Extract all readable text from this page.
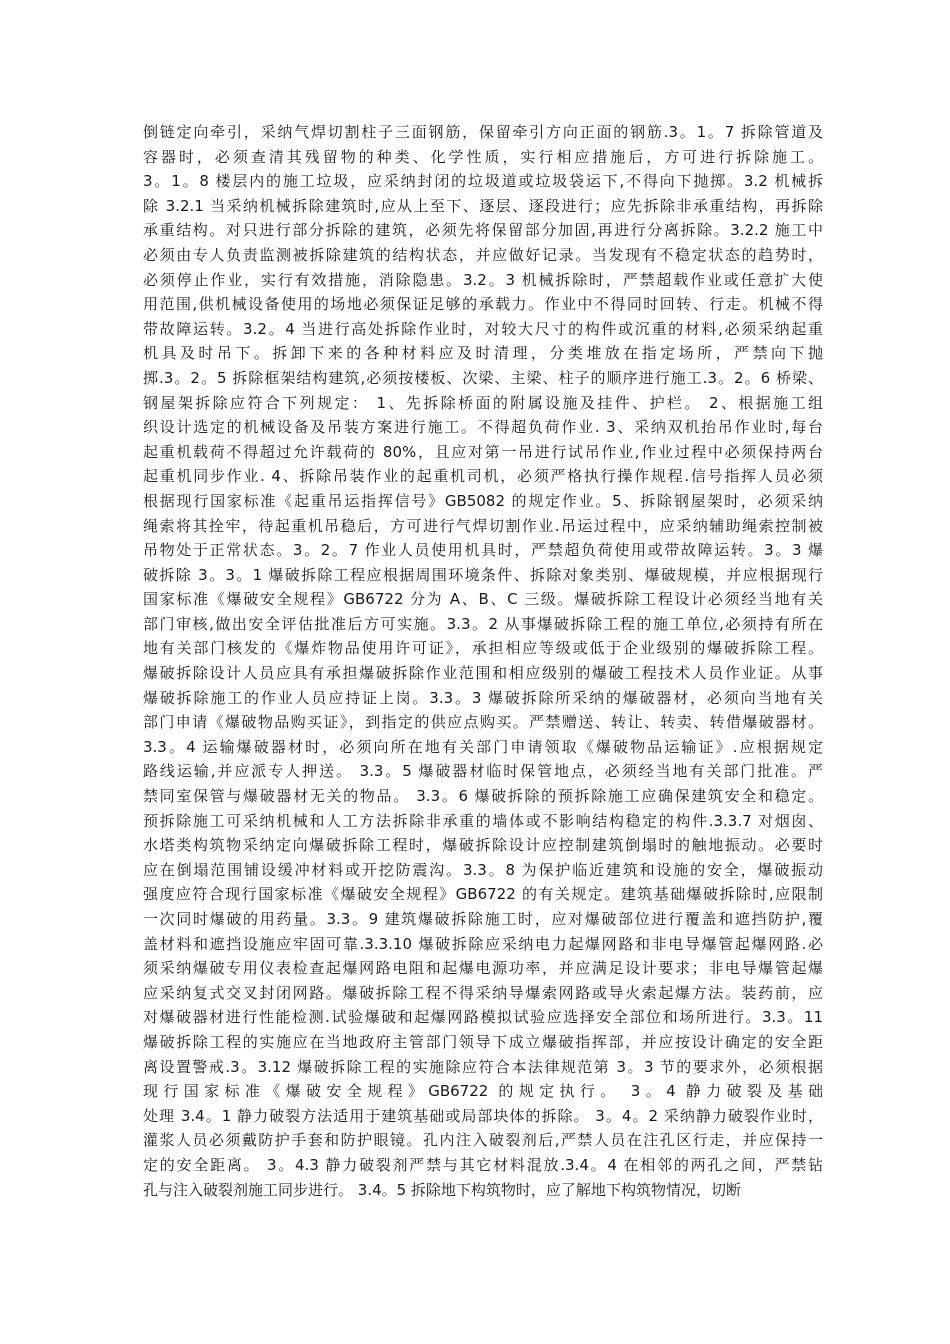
倒链定向牵引，采纳气焊切割柱子三面钢筋，保留牵引方向正面的钢筋.3。1。7 拆除管道及
容器时，必须查清其残留物的种类、化学性质，实行相应措施后，方可进行拆除施工。
3。1。8 楼层内的施工垃圾，应采纳封闭的垃圾道或垃圾袋运下,不得向下抛掷。3.2 机械拆
除 3.2.1 当采纳机械拆除建筑时,应从上至下、逐层、逐段进行；应先拆除非承重结构，再拆除
承重结构。对只进行部分拆除的建筑，必须先将保留部分加固,再进行分离拆除。3.2.2 施工中
必须由专人负责监测被拆除建筑的结构状态，并应做好记录。当发现有不稳定状态的趋势时，
必须停止作业，实行有效措施，消除隐患。3.2。3 机械拆除时，严禁超载作业或任意扩大使
用范围,供机械设备使用的场地必须保证足够的承载力。作业中不得同时回转、行走。机械不得
带故障运转。3.2。4 当进行高处拆除作业时，对较大尺寸的构件或沉重的材料,必须采纳起重
机具及时吊下。拆卸下来的各种材料应及时清理，分类堆放在指定场所，严禁向下抛
掷.3。2。5 拆除框架结构建筑,必须按楼板、次梁、主梁、柱子的顺序进行施工.3。2。6 桥梁、
钢屋架拆除应符合下列规定： 1、先拆除桥面的附属设施及挂件、护栏。 2、根据施工组
织设计选定的机械设备及吊装方案进行施工。不得超负荷作业. 3、采纳双机抬吊作业时,每台
起重机载荷不得超过允许载荷的 80%，且应对第一吊进行试吊作业,作业过程中必须保持两台
起重机同步作业. 4、拆除吊装作业的起重机司机，必须严格执行操作规程.信号指挥人员必须
根据现行国家标准《起重吊运指挥信号》GB5082 的规定作业。5、拆除钢屋架时，必须采纳
绳索将其拴牢，待起重机吊稳后，方可进行气焊切割作业.吊运过程中，应采纳辅助绳索控制被
吊物处于正常状态。3。2。7 作业人员使用机具时，严禁超负荷使用或带故障运转。3。3 爆
破拆除 3。3。1 爆破拆除工程应根据周围环境条件、拆除对象类别、爆破规模，并应根据现行
国家标准《爆破安全规程》GB6722 分为 A、B、C 三级。爆破拆除工程设计必须经当地有关
部门审核,做出安全评估批准后方可实施。3.3。2 从事爆破拆除工程的施工单位,必须持有所在
地有关部门核发的《爆炸物品使用许可证》，承担相应等级或低于企业级别的爆破拆除工程。
爆破拆除设计人员应具有承担爆破拆除作业范围和相应级别的爆破工程技术人员作业证。从事
爆破拆除施工的作业人员应持证上岗。3.3。3 爆破拆除所采纳的爆破器材，必须向当地有关
部门申请《爆破物品购买证》，到指定的供应点购买。严禁赠送、转让、转卖、转借爆破器材。
3.3。4 运输爆破器材时，必须向所在地有关部门申请领取《爆破物品运输证》.应根据规定
路线运输,并应派专人押送。 3.3。5 爆破器材临时保管地点，必须经当地有关部门批准。严
禁同室保管与爆破器材无关的物品。 3.3。6 爆破拆除的预拆除施工应确保建筑安全和稳定。
预拆除施工可采纳机械和人工方法拆除非承重的墙体或不影响结构稳定的构件.3.3.7 对烟囱、
水塔类构筑物采纳定向爆破拆除工程时，爆破拆除设计应控制建筑倒塌时的触地振动。必要时
应在倒塌范围铺设缓冲材料或开挖防震沟。3.3。8 为保护临近建筑和设施的安全，爆破振动
强度应符合现行国家标准《爆破安全规程》GB6722 的有关规定。建筑基础爆破拆除时,应限制
一次同时爆破的用药量。3.3。9 建筑爆破拆除施工时，应对爆破部位进行覆盖和遮挡防护,覆
盖材料和遮挡设施应牢固可靠.3.3.10 爆破拆除应采纳电力起爆网路和非电导爆管起爆网路.必
须采纳爆破专用仪表检查起爆网路电阻和起爆电源功率，并应满足设计要求；非电导爆管起爆
应采纳复式交叉封闭网路。爆破拆除工程不得采纳导爆索网路或导火索起爆方法。装药前，应
对爆破器材进行性能检测.试验爆破和起爆网路模拟试验应选择安全部位和场所进行。3.3。11
爆破拆除工程的实施应在当地政府主管部门领导下成立爆破指挥部，并应按设计确定的安全距
离设置警戒.3。3.12 爆破拆除工程的实施除应符合本法律规范第 3。3 节的要求外，必须根据
现行国家标准《爆破安全规程》GB6722 的规定执行。 3。4 静力破裂及基础
处理 3.4。1 静力破裂方法适用于建筑基础或局部块体的拆除。 3。4。2 采纳静力破裂作业时，
灌浆人员必须戴防护手套和防护眼镜。孔内注入破裂剂后,严禁人员在注孔区行走，并应保持一
定的安全距离。 3。4.3 静力破裂剂严禁与其它材料混放.3.4。4 在相邻的两孔之间，严禁钻
孔与注入破裂剂施工同步进行。 3.4。5 拆除地下构筑物时，应了解地下构筑物情况，切断
